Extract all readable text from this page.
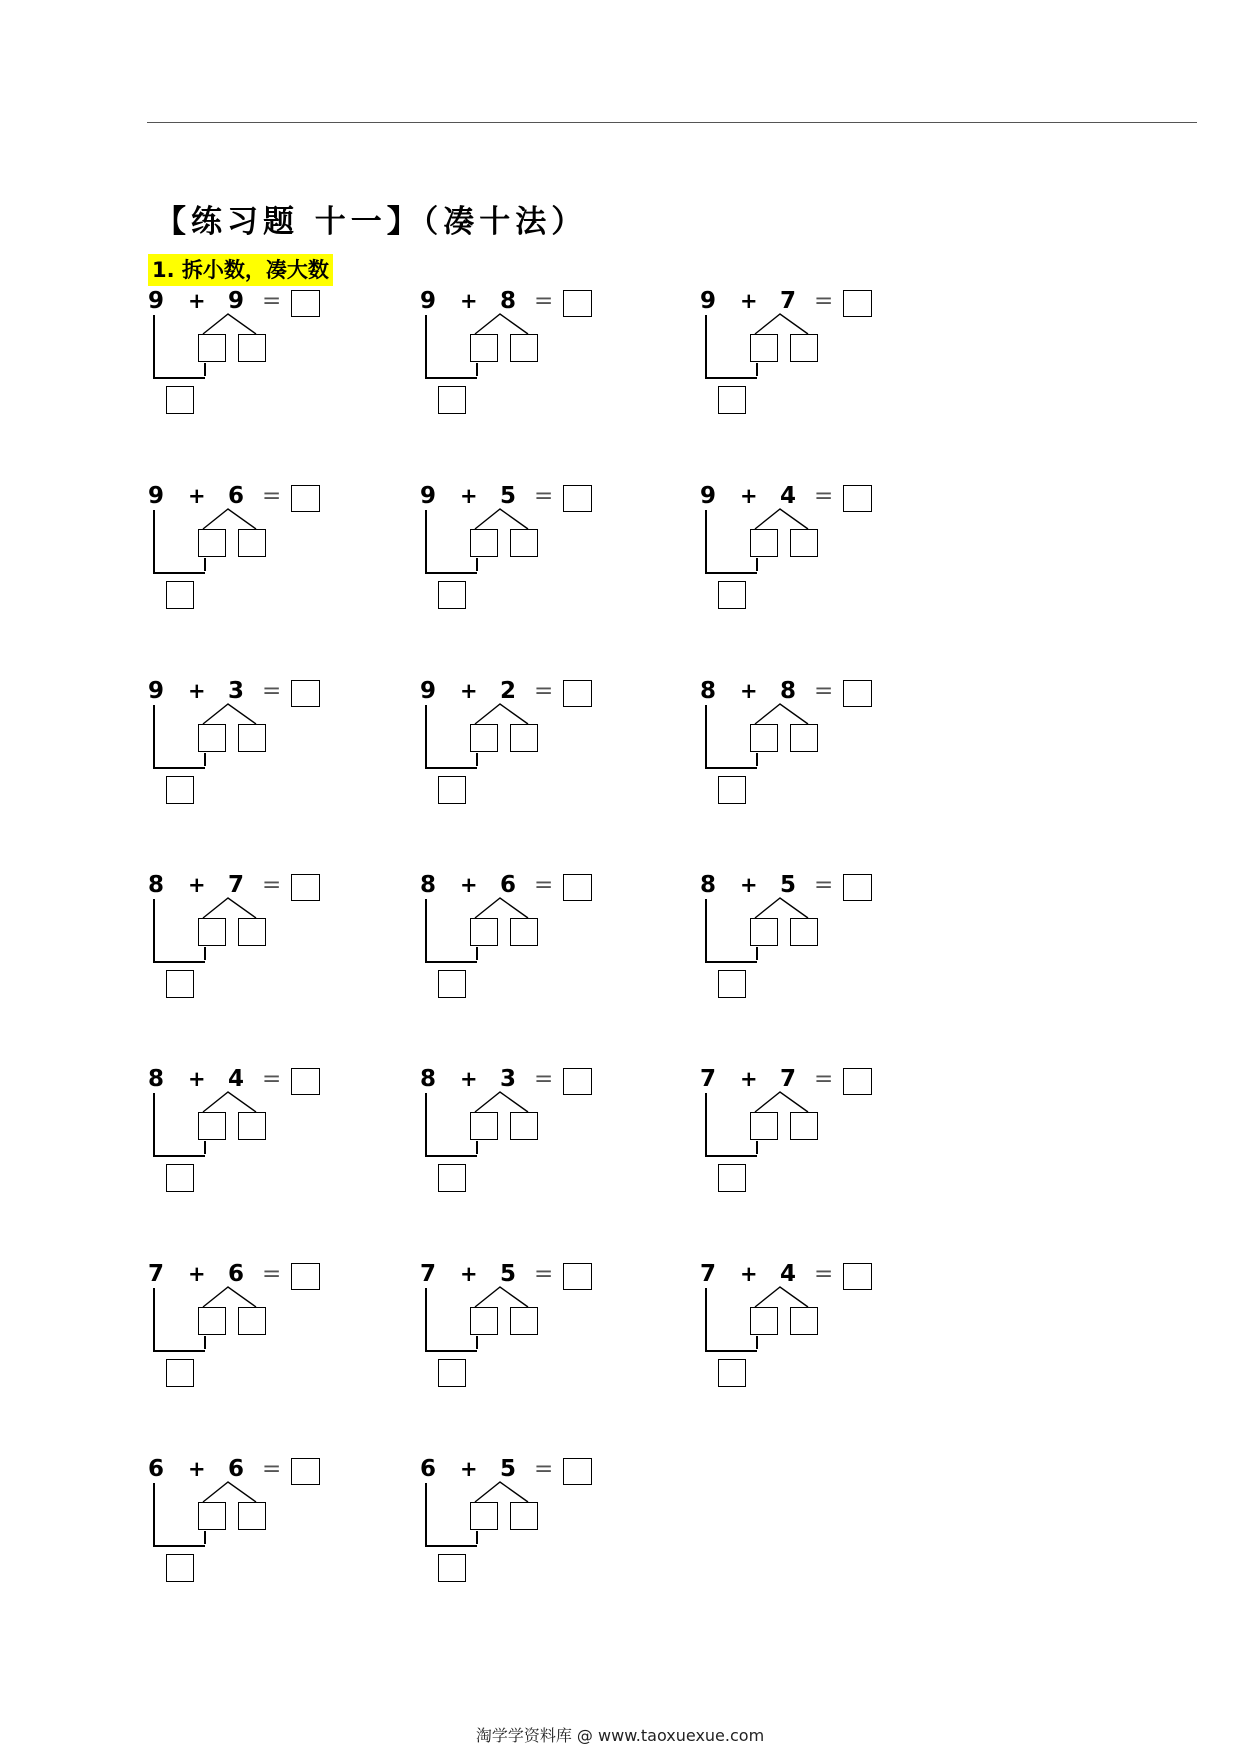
【练习题 十一】（凑十法）
1. 拆小数，凑大数
9 + 9 =	9 + 8 =	9 + 7 =
9 + 6 =	9 + 5 =	9 + 4 =
9 + 3 =	9 + 2 =	8 + 8 =
8 + 7 =	8 + 6 =	8 + 5 =
8 + 4 =	8 + 3 =	7 + 7 =
7 + 6 =	7 + 5 =	7 + 4 =
6 + 6 =	6 + 5 =
淘学学资料库 @ www.taoxuexue.com
